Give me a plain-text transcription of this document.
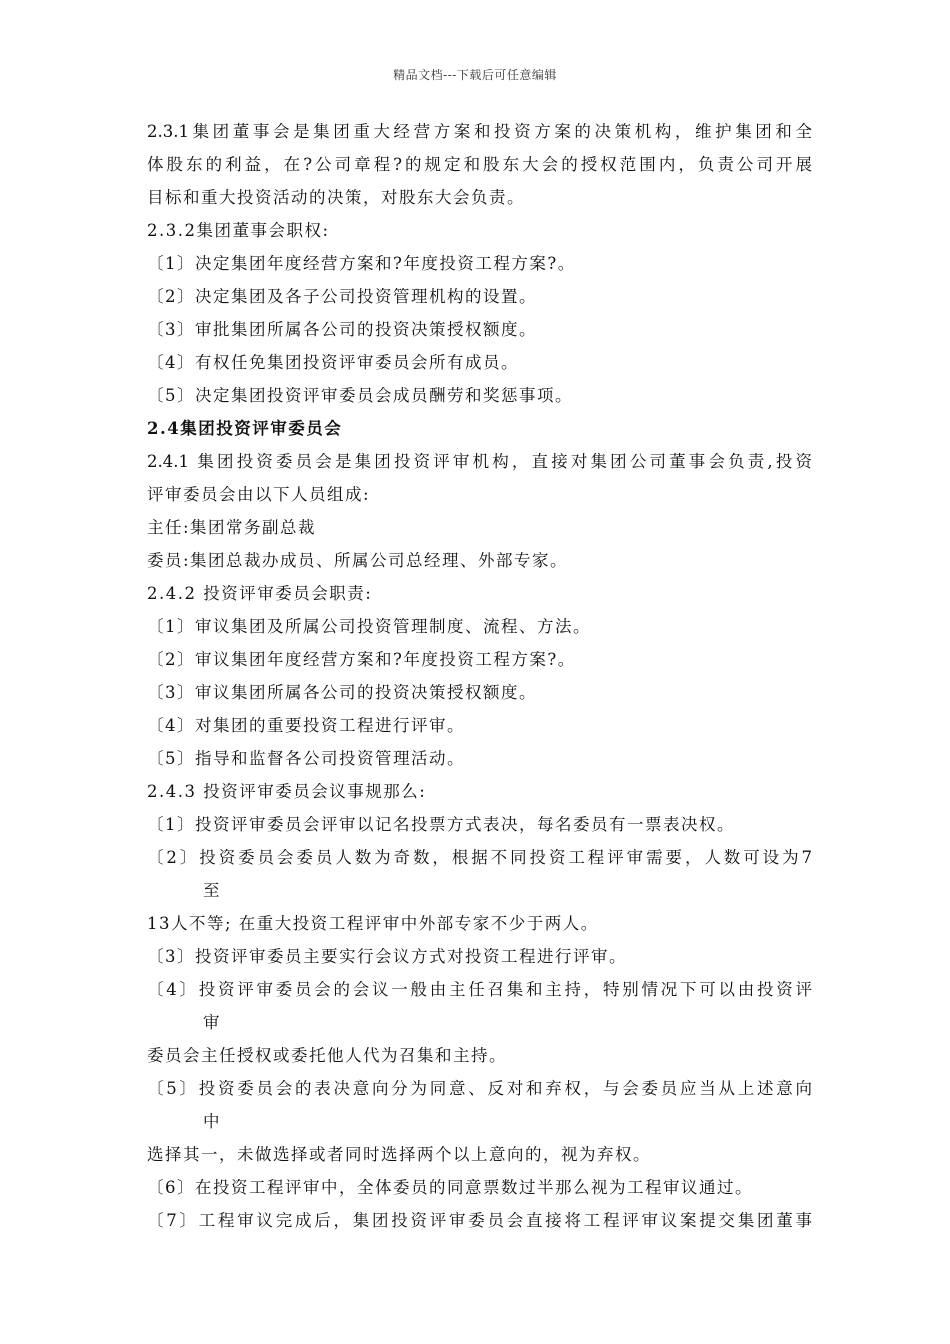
精品文档---下载后可任意编辑
2.3.1集团董事会是集团重大经营方案和投资方案的决策机构，维护集团和全
体股东的利益，在?公司章程?的规定和股东大会的授权范围内，负责公司开展
目标和重大投资活动的决策，对股东大会负责。
2.3.2集团董事会职权:
〔1〕决定集团年度经营方案和?年度投资工程方案?。
〔2〕决定集团及各子公司投资管理机构的设置。
〔3〕审批集团所属各公司的投资决策授权额度。
〔4〕有权任免集团投资评审委员会所有成员。
〔5〕决定集团投资评审委员会成员酬劳和奖惩事项。
2.4集团投资评审委员会
2.4.1 集团投资委员会是集团投资评审机构，直接对集团公司董事会负责,投资
评审委员会由以下人员组成:
主任:集团常务副总裁
委员:集团总裁办成员、所属公司总经理、外部专家。
2.4.2 投资评审委员会职责:
〔1〕审议集团及所属公司投资管理制度、流程、方法。
〔2〕审议集团年度经营方案和?年度投资工程方案?。
〔3〕审议集团所属各公司的投资决策授权额度。
〔4〕对集团的重要投资工程进行评审。
〔5〕指导和监督各公司投资管理活动。
2.4.3 投资评审委员会议事规那么:
〔1〕投资评审委员会评审以记名投票方式表决，每名委员有一票表决权。
〔2〕投资委员会委员人数为奇数，根据不同投资工程评审需要，人数可设为7
至
13人不等; 在重大投资工程评审中外部专家不少于两人。
〔3〕投资评审委员主要实行会议方式对投资工程进行评审。
〔4〕投资评审委员会的会议一般由主任召集和主持，特别情况下可以由投资评
审
委员会主任授权或委托他人代为召集和主持。
〔5〕投资委员会的表决意向分为同意、反对和弃权，与会委员应当从上述意向
中
选择其一，未做选择或者同时选择两个以上意向的，视为弃权。
〔6〕在投资工程评审中，全体委员的同意票数过半那么视为工程审议通过。
〔7〕工程审议完成后，集团投资评审委员会直接将工程评审议案提交集团董事
